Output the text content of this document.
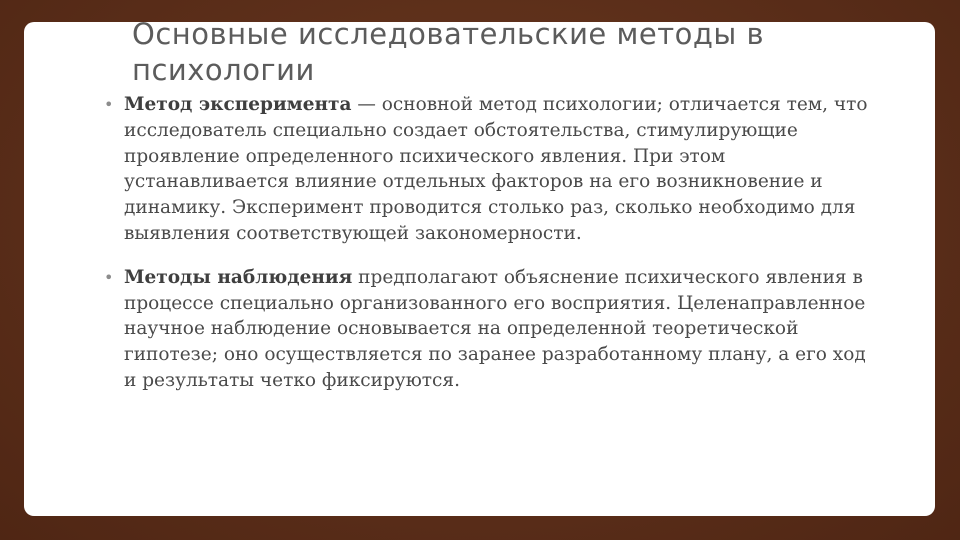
Основные исследовательские методы в
психологии

• Метод эксперимента — основной метод психологии; отличается тем, что исследователь специально создает обстоятельства, стимулирующие проявление определенного психического явления. При этом устанавливается влияние отдельных факторов на его возникновение и динамику. Эксперимент проводится столько раз, сколько необходимо для выявления соответствующей закономерности.

• Методы наблюдения предполагают объяснение психического явления в процессе специально организованного его восприятия. Целенаправленное научное наблюдение основывается на определенной теоретической гипотезе; оно осуществляется по заранее разработанному плану, а его ход и результаты четко фиксируются.
